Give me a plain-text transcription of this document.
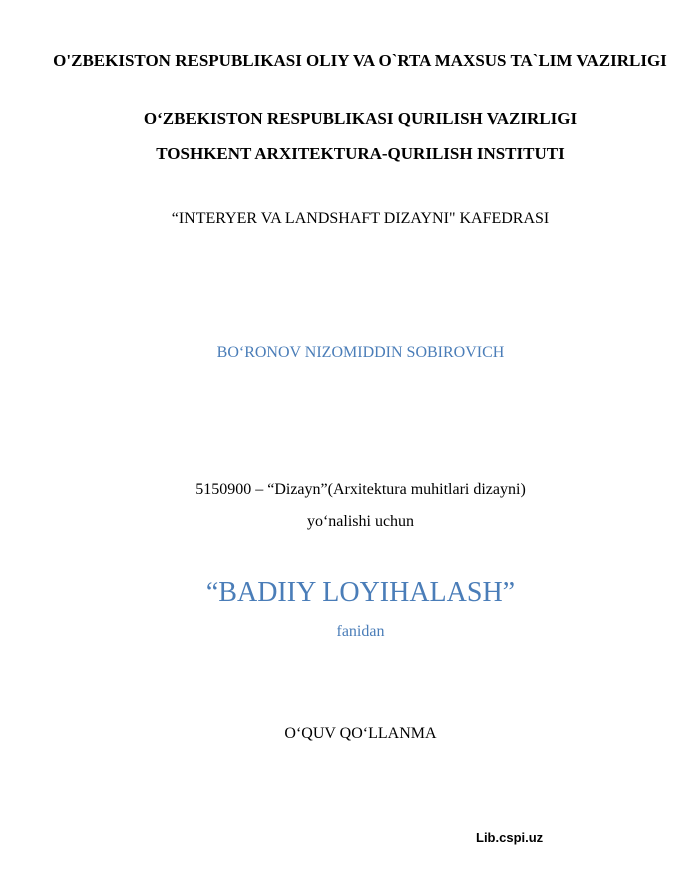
O'ZBEKISTON RESPUBLIKASI OLIY VA O`RTA MAXSUS TA`LIM VAZIRLIGI
O‘ZBEKISTON RESPUBLIKASI QURILISH VAZIRLIGI
TOSHKENT ARXITEKTURA-QURILISH INSTITUTI
“INTERYER VA LANDSHAFT DIZAYNI" KAFEDRASI
BO‘RONOV NIZOMIDDIN SOBIROVICH
5150900 – “Dizayn”(Arxitektura muhitlari dizayni)
yo‘nalishi uchun
“BADIIY LOYIHALASH”
fanidan
O‘QUV QO‘LLANMA
Lib.cspi.uz
